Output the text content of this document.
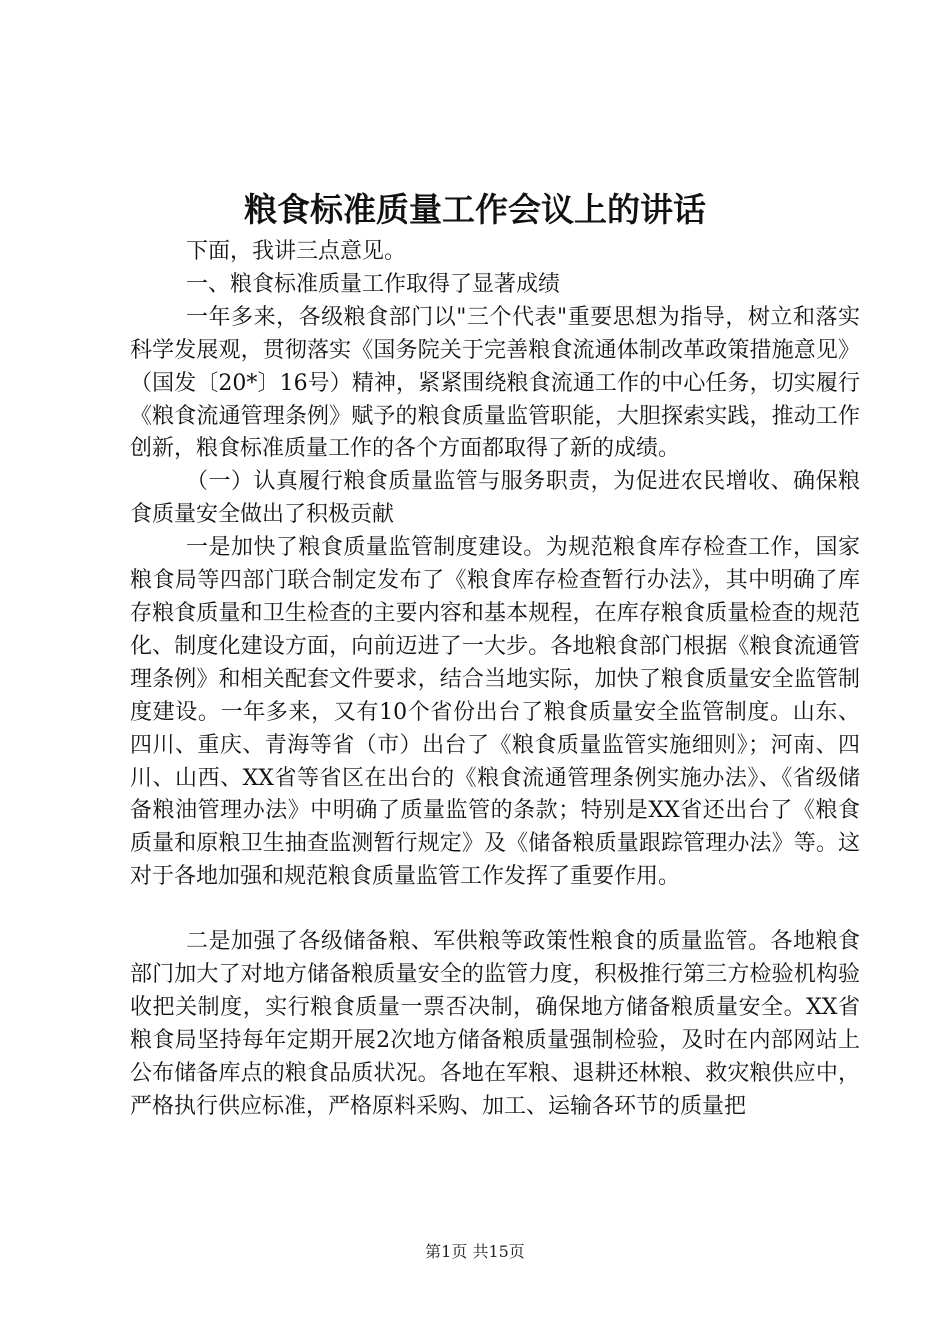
粮食标准质量工作会议上的讲话

下面，我讲三点意见。

一、粮食标准质量工作取得了显著成绩

一年多来，各级粮食部门以"三个代表"重要思想为指导，树立和落实科学发展观，贯彻落实《国务院关于完善粮食流通体制改革政策措施意见》（国发〔20*〕16号）精神，紧紧围绕粮食流通工作的中心任务，切实履行《粮食流通管理条例》赋予的粮食质量监管职能，大胆探索实践，推动工作创新，粮食标准质量工作的各个方面都取得了新的成绩。

（一）认真履行粮食质量监管与服务职责，为促进农民增收、确保粮食质量安全做出了积极贡献

一是加快了粮食质量监管制度建设。为规范粮食库存检查工作，国家粮食局等四部门联合制定发布了《粮食库存检查暂行办法》，其中明确了库存粮食质量和卫生检查的主要内容和基本规程，在库存粮食质量检查的规范化、制度化建设方面，向前迈进了一大步。各地粮食部门根据《粮食流通管理条例》和相关配套文件要求，结合当地实际，加快了粮食质量安全监管制度建设。一年多来，又有10个省份出台了粮食质量安全监管制度。山东、四川、重庆、青海等省（市）出台了《粮食质量监管实施细则》；河南、四川、山西、XX省等省区在出台的《粮食流通管理条例实施办法》、《省级储备粮油管理办法》中明确了质量监管的条款；特别是XX省还出台了《粮食质量和原粮卫生抽查监测暂行规定》及《储备粮质量跟踪管理办法》等。这对于各地加强和规范粮食质量监管工作发挥了重要作用。

二是加强了各级储备粮、军供粮等政策性粮食的质量监管。各地粮食部门加大了对地方储备粮质量安全的监管力度，积极推行第三方检验机构验收把关制度，实行粮食质量一票否决制，确保地方储备粮质量安全。XX省粮食局坚持每年定期开展2次地方储备粮质量强制检验，及时在内部网站上公布储备库点的粮食品质状况。各地在军粮、退耕还林粮、救灾粮供应中，严格执行供应标准，严格原料采购、加工、运输各环节的质量把

第1页 共15页
